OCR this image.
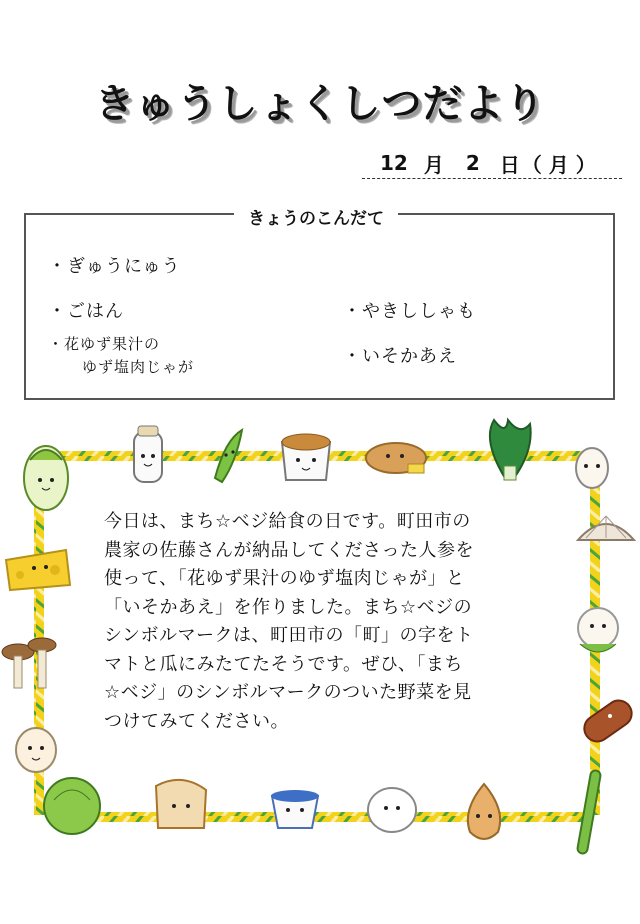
きゅうしょくしつだより
12 月 2 日 （ 月 ）
きょうのこんだて
・ぎゅうにゅう
・ごはん
・花ゆず果汁の
ゆず塩肉じゃが
・やきししゃも
・いそかあえ
今日は、まち☆ベジ給食の日です。町田市の
農家の佐藤さんが納品してくださった人参を
使って、「花ゆず果汁のゆず塩肉じゃが」と
「いそかあえ」を作りました。まち☆ベジの
シンボルマークは、町田市の「町」の字をト
マトと瓜にみたてたそうです。ぜひ、「まち
☆ベジ」のシンボルマークのついた野菜を見
つけてみてください。
